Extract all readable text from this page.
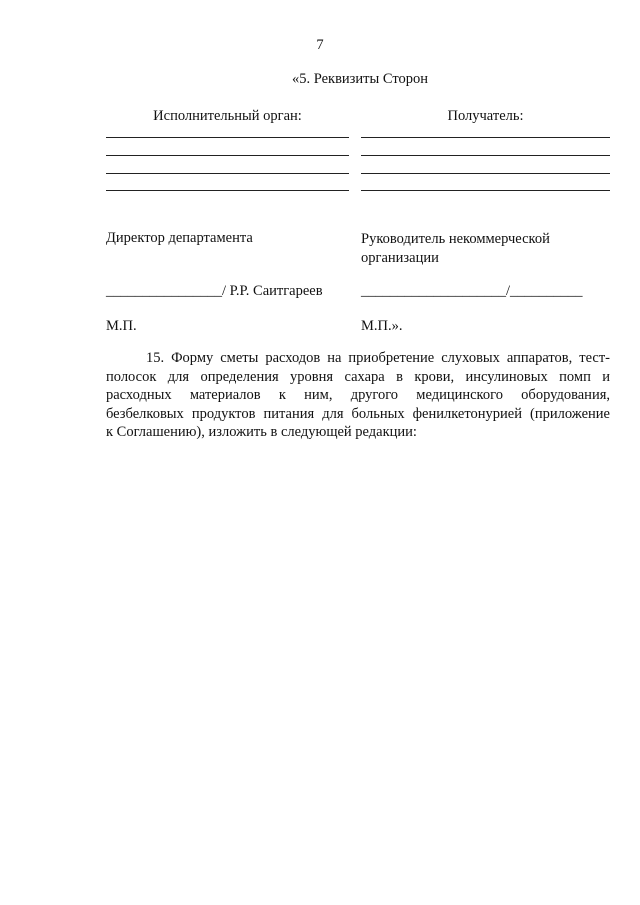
7
«5. Реквизиты Сторон
Исполнительный орган:	Получатель:
Директор департамента	Руководитель некоммерческой организации
________________/ Р.Р. Саитгареев	____________________/__________
М.П.	М.П.».
15. Форму сметы расходов на приобретение слуховых аппаратов, тест-
полосок для определения уровня сахара в крови, инсулиновых помп и
расходных материалов к ним, другого медицинского оборудования,
безбелковых продуктов питания для больных фенилкетонурией (приложение
к Соглашению), изложить в следующей редакции:
